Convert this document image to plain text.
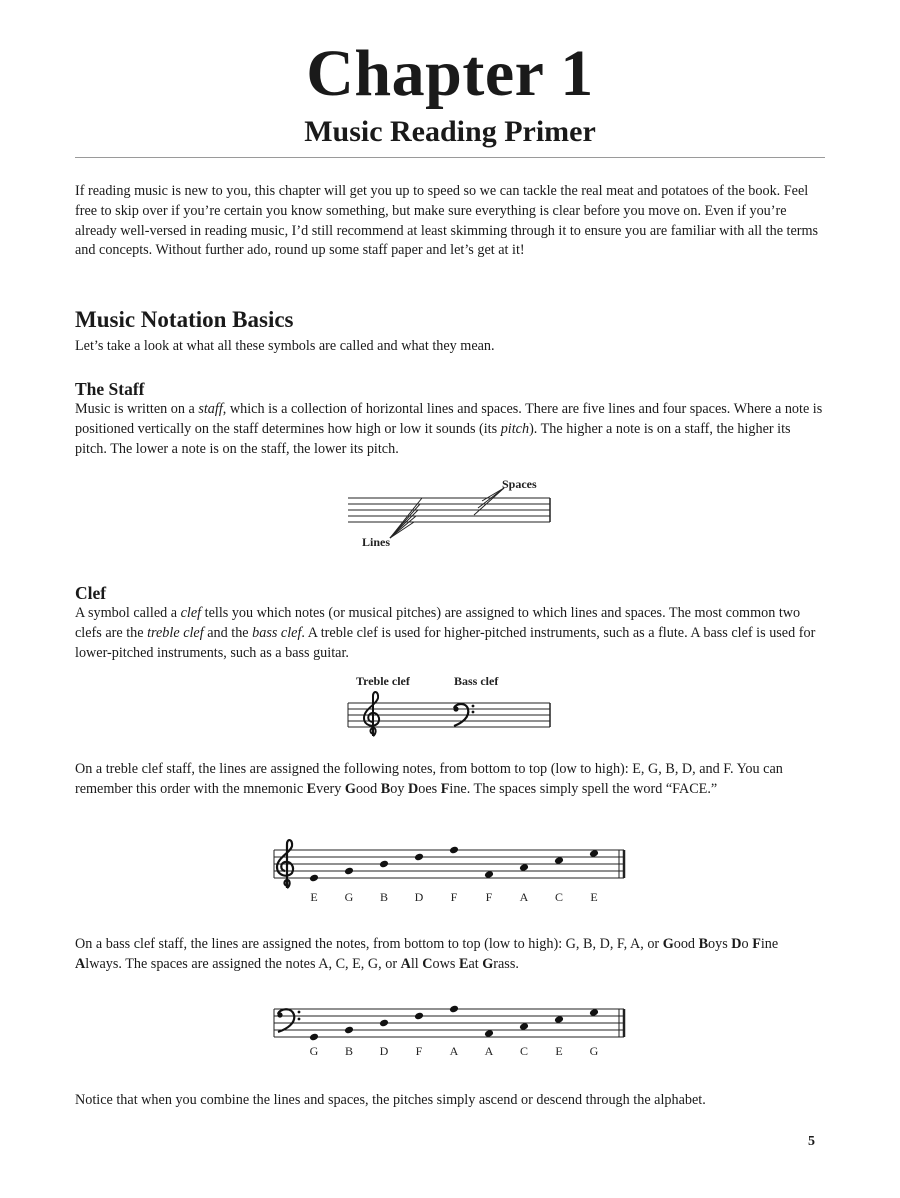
Chapter 1
Music Reading Primer

If reading music is new to you, this chapter will get you up to speed so we can tackle the real meat and potatoes of the book. Feel free to skip over if you’re certain you know something, but make sure everything is clear before you move on. Even if you’re already well-versed in reading music, I’d still recommend at least skimming through it to ensure you are familiar with all the terms and concepts. Without further ado, round up some staff paper and let’s get at it!

Music Notation Basics

Let’s take a look at what all these symbols are called and what they mean.

The Staff

Music is written on a staff, which is a collection of horizontal lines and spaces. There are five lines and four spaces. Where a note is positioned vertically on the staff determines how high or low it sounds (its pitch). The higher a note is on a staff, the higher its pitch. The lower a note is on the staff, the lower its pitch.

Spaces
Lines
Clef

A symbol called a clef tells you which notes (or musical pitches) are assigned to which lines and spaces. The most common two clefs are the treble clef and the bass clef. A treble clef is used for higher-pitched instruments, such as a flute. A bass clef is used for lower-pitched instruments, such as a bass guitar.

Treble clef	Bass clef

On a treble clef staff, the lines are assigned the following notes, from bottom to top (low to high): E, G, B, D, and F. You can remember this order with the mnemonic Every Good Boy Does Fine. The spaces simply spell the word “FACE.”

E G B D F F A C E

On a bass clef staff, the lines are assigned the notes, from bottom to top (low to high): G, B, D, F, A, or Good Boys Do Fine Always. The spaces are assigned the notes A, C, E, G, or All Cows Eat Grass.

G B D F A A C E G

Notice that when you combine the lines and spaces, the pitches simply ascend or descend through the alphabet.

5
